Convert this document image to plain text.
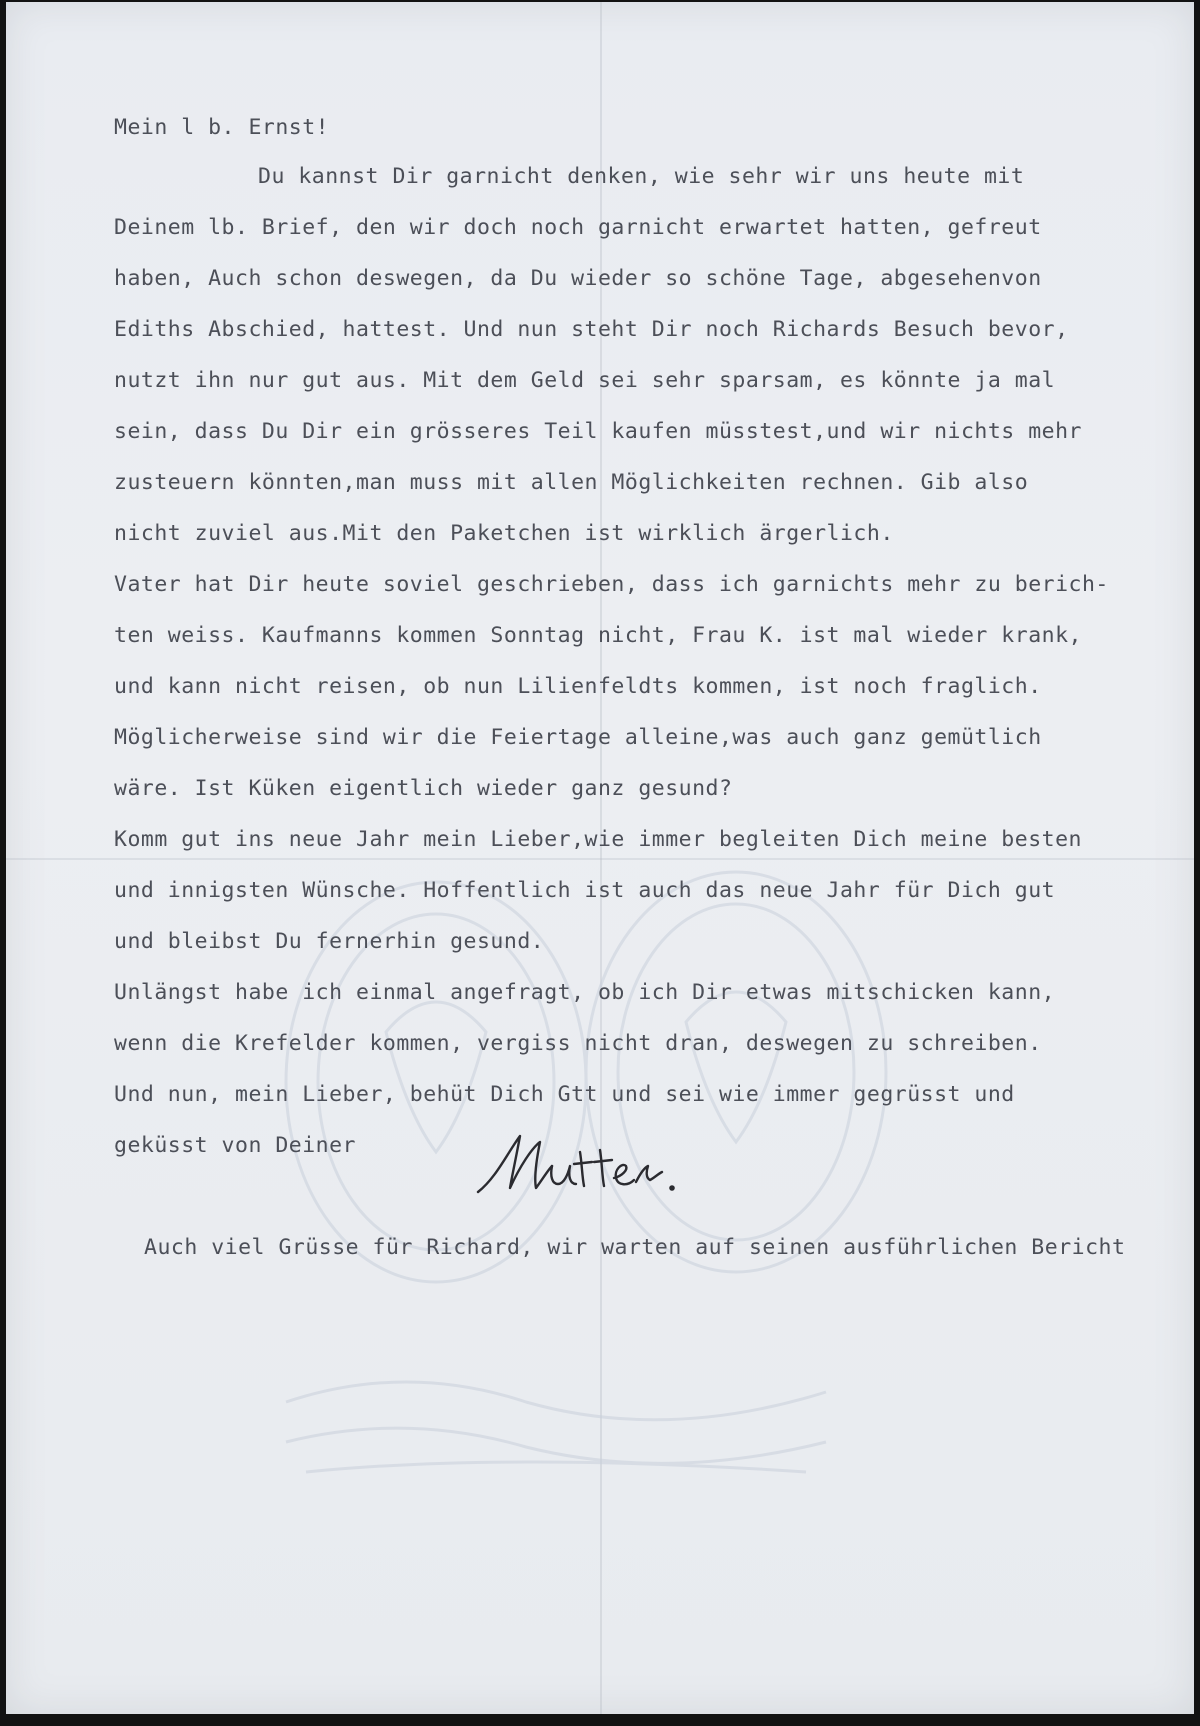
Mein l b. Ernst!
Du kannst Dir garnicht denken, wie sehr wir uns heute mit
Deinem lb. Brief, den wir doch noch garnicht erwartet hatten, gefreut
haben, Auch schon deswegen, da Du wieder so schöne Tage, abgesehenvon
Ediths Abschied, hattest. Und nun steht Dir noch Richards Besuch bevor,
nutzt ihn nur gut aus. Mit dem Geld sei sehr sparsam, es könnte ja mal
sein, dass Du Dir ein grösseres Teil kaufen müsstest,und wir nichts mehr
zusteuern könnten,man muss mit allen Möglichkeiten rechnen. Gib also
nicht zuviel aus.Mit den Paketchen ist wirklich ärgerlich.
Vater hat Dir heute soviel geschrieben, dass ich garnichts mehr zu berich-
ten weiss. Kaufmanns kommen Sonntag nicht, Frau K. ist mal wieder krank,
und kann nicht reisen, ob nun Lilienfeldts kommen, ist noch fraglich.
Möglicherweise sind wir die Feiertage alleine,was auch ganz gemütlich
wäre. Ist Küken eigentlich wieder ganz gesund?
Komm gut ins neue Jahr mein Lieber,wie immer begleiten Dich meine besten
und innigsten Wünsche. Hoffentlich ist auch das neue Jahr für Dich gut
und bleibst Du fernerhin gesund.
Unlängst habe ich einmal angefragt, ob ich Dir etwas mitschicken kann,
wenn die Krefelder kommen, vergiss nicht dran, deswegen zu schreiben.
Und nun, mein Lieber, behüt Dich Gtt und sei wie immer gegrüsst und
geküsst von Deiner
Auch viel Grüsse für Richard, wir warten auf seinen ausführlichen Bericht
